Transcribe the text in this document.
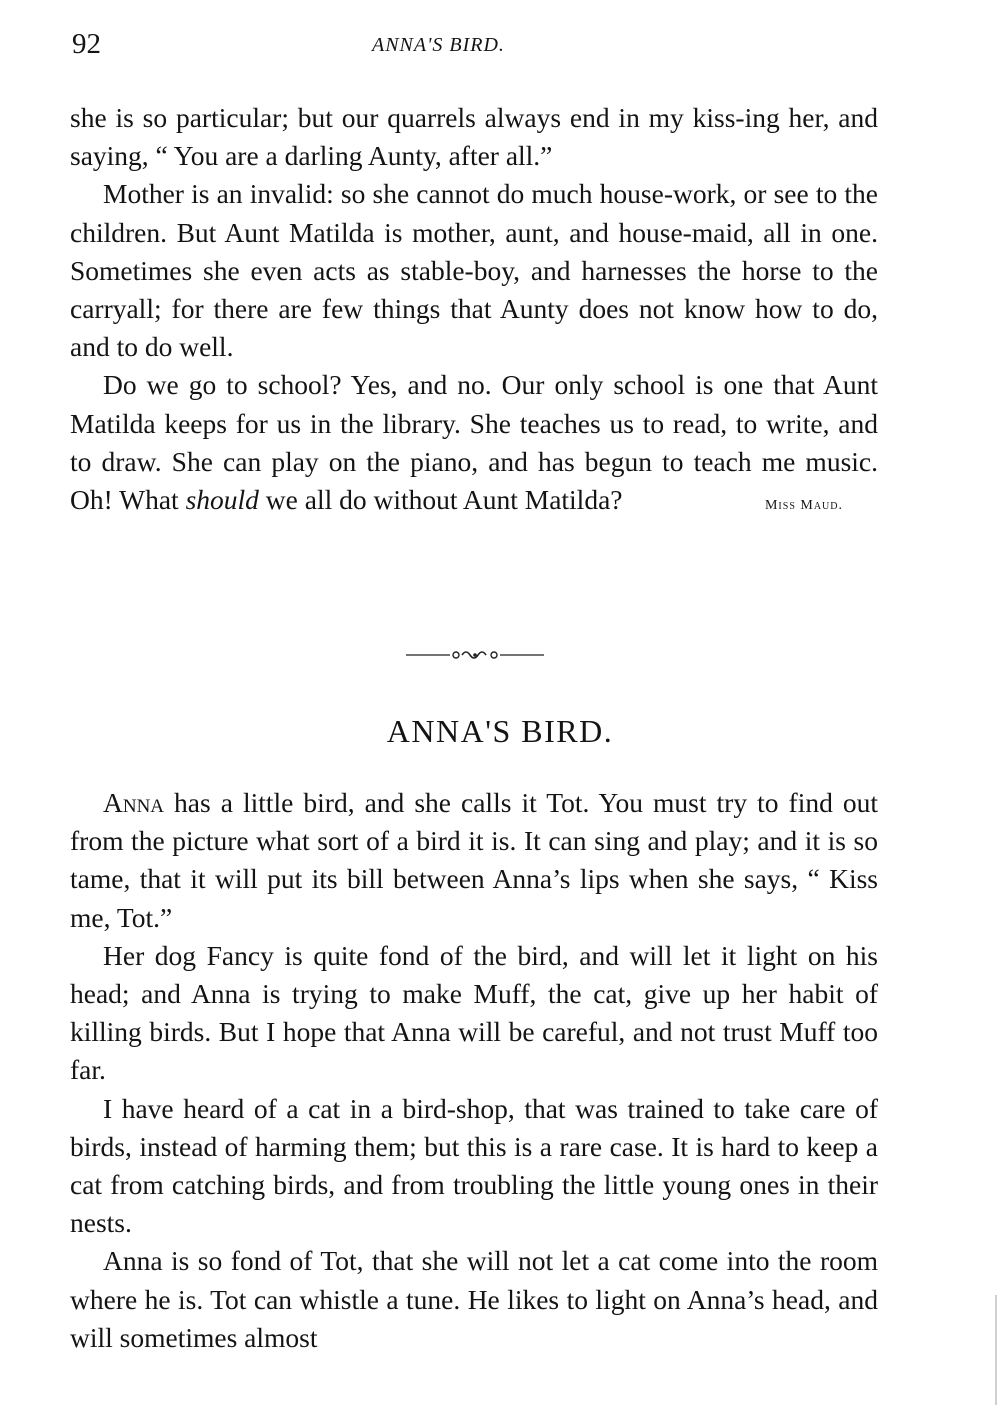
92	ANNA'S BIRD.

she is so particular; but our quarrels always end in my kiss-ing her, and saying, “ You are a darling Aunty, after all.”

Mother is an invalid: so she cannot do much house-work, or see to the children. But Aunt Matilda is mother, aunt, and house-maid, all in one. Sometimes she even acts as stable-boy, and harnesses the horse to the carryall; for there are few things that Aunty does not know how to do, and to do well.

Do we go to school? Yes, and no. Our only school is one that Aunt Matilda keeps for us in the library. She teaches us to read, to write, and to draw. She can play on the piano, and has begun to teach me music. Oh! What should we all do without Aunt Matilda?	Miss Maud.

ANNA'S BIRD.

Anna has a little bird, and she calls it Tot. You must try to find out from the picture what sort of a bird it is. It can sing and play; and it is so tame, that it will put its bill between Anna’s lips when she says, “ Kiss me, Tot.”

Her dog Fancy is quite fond of the bird, and will let it light on his head; and Anna is trying to make Muff, the cat, give up her habit of killing birds. But I hope that Anna will be careful, and not trust Muff too far.

I have heard of a cat in a bird-shop, that was trained to take care of birds, instead of harming them; but this is a rare case. It is hard to keep a cat from catching birds, and from troubling the little young ones in their nests.

Anna is so fond of Tot, that she will not let a cat come into the room where he is. Tot can whistle a tune. He likes to light on Anna’s head, and will sometimes almost
